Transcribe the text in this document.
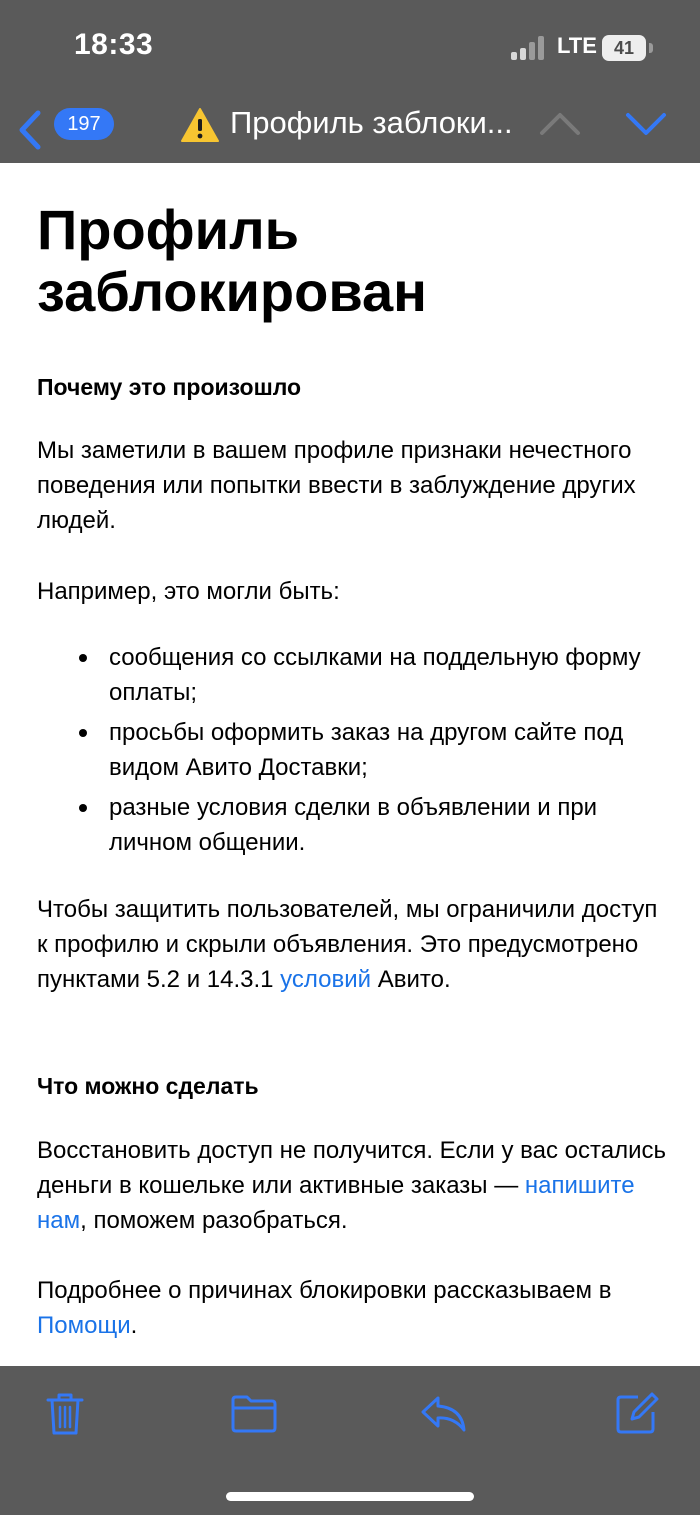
18:33	LTE 41
197	Профиль заблоки...
Профиль заблокирован
Почему это произошло

Мы заметили в вашем профиле признаки нечестного поведения или попытки ввести в заблуждение других людей.

Например, это могли быть:

сообщения со ссылками на поддельную форму оплаты;
просьбы оформить заказ на другом сайте под видом Авито Доставки;
разные условия сделки в объявлении и при личном общении.

Чтобы защитить пользователей, мы ограничили доступ к профилю и скрыли объявления. Это предусмотрено пунктами 5.2 и 14.3.1 условий Авито.

Что можно сделать

Восстановить доступ не получится. Если у вас остались деньги в кошельке или активные заказы — напишите нам, поможем разобраться.

Подробнее о причинах блокировки рассказываем в Помощи.
